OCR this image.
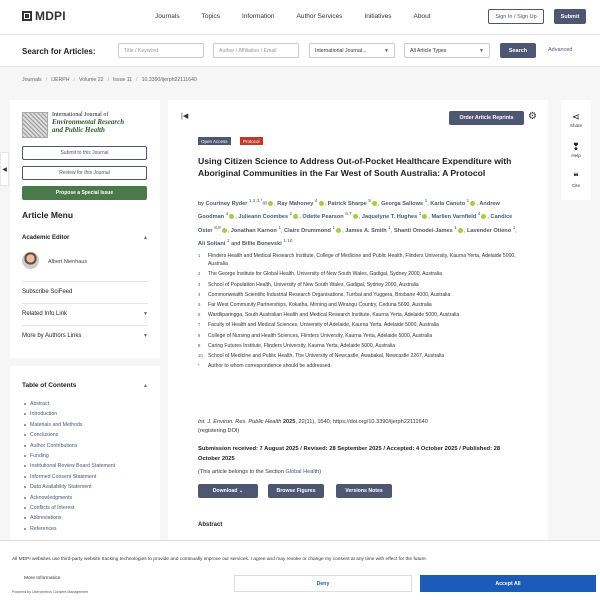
MDPI	Journals	Topics	Information	Author Services	Initiatives	About	Sign In / Sign Up	Submit
Search for Articles:	Title / Keyword	Author / Affiliation / Email	International Journal...	▼	All Article Types	▼	Search	Advanced
Journals / IJERPH / Volume 22 / Issue 11 / 10.3390/ijerph22111640
◀
International Journal of
Environmental Research
and Public Health
Submit to this Journal
Review for this Journal
Propose a Special Issue
Article Menu
Academic Editor	▲
Albert Nienhaus
Subscribe SciFeed
Related Info Link	▼
More by Authors Links	▼
Table of Contents	▲
Abstract
Introduction
Materials and Methods
Conclusions
Author Contributions
Funding
Institutional Review Board Statement
Informed Consent Statement
Data Availability Statement
Acknowledgments
Conflicts of Interest
Abbreviations
References
|◀	Order Article Reprints	⚙
Open Access	Protocol
Using Citizen Science to Address Out-of-Pocket Healthcare Expenditure with Aboriginal Communities in the Far West of South Australia: A Protocol
by Courtney Ryder $^{1,2,3,*}$✉ , Ray Mahoney $^4$, Patrick Sharpe $^5$, Georga Sallows $^1$, Karla Canuto $^1$, Andrew Goodman $^4$, Julieann Coombes $^2$, Odette Pearson $^{6,7}$, Jaquelyne T. Hughes $^1$, Marlien Varnfield $^4$, Candice Oster $^{8,9}$, Jonathan Karnon $^1$, Claire Drummond $^1$, James A. Smith $^1$, Shanti Omodei-James $^1$, Lavender Otieno $^1$, Ali Soltani $^1$ and Billie Bonevski $^{1,10}$
1	Flinders Health and Medical Research Institute, College of Medicine and Public Health, Flinders University, Kaurna Yerta, Adelaide 5000, Australia
2	The George Institute for Global Health, University of New South Wales, Gadigal, Sydney 2000, Australia
3	School of Population Health, University of New South Wales, Gadigal, Sydney 2000, Australia
4	Commonwealth Scientific Industrial Research Organisations, Turrbal and Yuggera, Brisbane 4000, Australia
5	Far West Community Partnerships, Kokatha, Mirning and Wirangu Country, Ceduna 5690, Australia
6	Wardliparingga, South Australian Health and Medical Research Institute, Kaurna Yerta, Adelaide 5000, Australia
7	Faculty of Health and Medical Sciences, University of Adelaide, Kaurna Yerta, Adelaide 5000, Australia
8	College of Nursing and Health Sciences, Flinders University, Kaurna Yerta, Adelaide 5000, Australia
9	Caring Futures Institute, Flinders University, Kaurna Yerta, Adelaide 5000, Australia
10	School of Medicine and Public Health, The University of Newcastle, Awabakal, Newcastle 2267, Australia
*	Author to whom correspondence should be addressed.
Int. J. Environ. Res. Public Health 2025, 22(11), 1640; https://doi.org/10.3390/ijerph22111640
(registering DOI)
Submission received: 7 August 2025 / Revised: 28 September 2025 / Accepted: 4 October 2025 / Published: 28 October 2025
(This article belongs to the Section Global Health)
Download
⌄	Browse Figures	Versions Notes
Abstract
⋖
Share
❢
Help
❝
Cite
All MDPI websites use third-party website tracking technologies to provide and continually improve our services. I agree and may revoke or change my consent at any time with effect for the future.
More Information
Powered by Usercentrics Consent Management
Deny	Accept All
